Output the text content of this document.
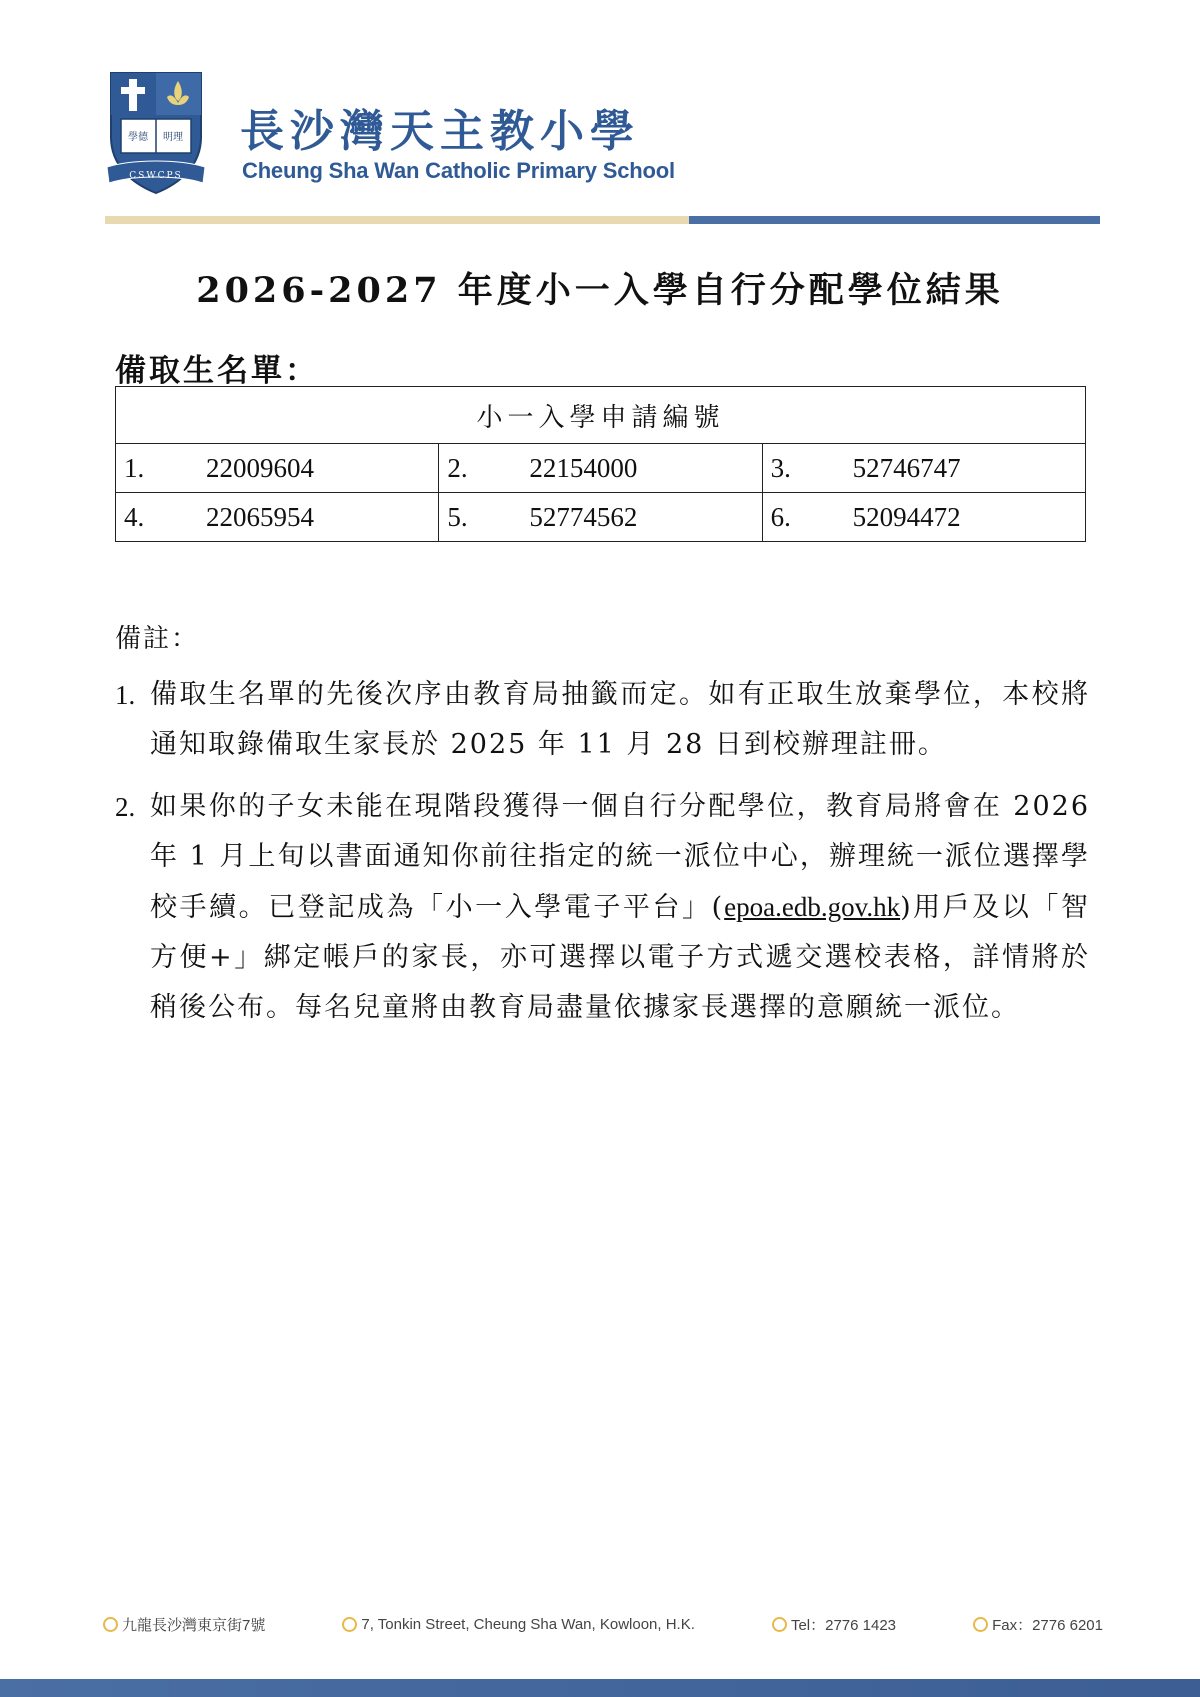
學德 明理
CSWCPS
長沙灣天主教小學
Cheung Sha Wan Catholic Primary School
2026-2027 年度小一入學自行分配學位結果
備取生名單：
小一入學申請編號		

1. 22009604	2. 22154000	3. 52746747

4. 22065954	5. 52774562	6. 52094472
備註：
1. 備取生名單的先後次序由教育局抽籤而定。如有正取生放棄學位，本校將通知取錄備取生家長於 2025 年 11 月 28 日到校辦理註冊。
2. 如果你的子女未能在現階段獲得一個自行分配學位，教育局將會在 2026 年 1 月上旬以書面通知你前往指定的統一派位中心，辦理統一派位選擇學校手續。已登記成為「小一入學電子平台」(epoa.edb.gov.hk)用戶及以「智方便+」綁定帳戶的家長，亦可選擇以電子方式遞交選校表格，詳情將於稍後公布。每名兒童將由教育局盡量依據家長選擇的意願統一派位。
九龍長沙灣東京街7號	7, Tonkin Street, Cheung Sha Wan, Kowloon, H.K.	Tel：2776 1423	Fax：2776 6201
